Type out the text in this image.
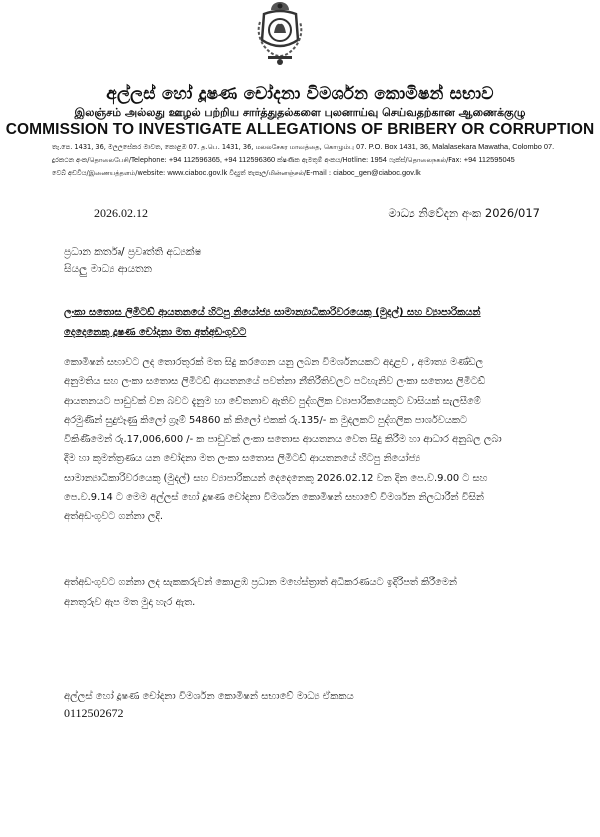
අල්ලස් හෝ දූෂණ චෝදනා විමර්ශන කොමිෂන් සභාව
இலஞ்சம் அல்லது ஊழல் பற்றிய சார்த்துதல்களை புலனாய்வு செய்வதற்கான ஆணைக்குழு
COMMISSION TO INVESTIGATE ALLEGATIONS OF BRIBERY OR CORRUPTION
තැ.පෙ. 1431, 36, මලලසේකර මාවත, කොළඹ 07. த.பெ. 1431, 36, மலலசேகர மாவத்தை, கொழும்பு 07. P.O. Box 1431, 36, Malalasekara Mawatha, Colombo 07.
දුරකථන අංක/தொலைபேசி/Telephone: +94 112596365, +94 112596360 ක්ෂණික ඇමතුම් අංකය/Hotline: 1954 ෆැක්ස්/தொலைநகல்/Fax: +94 112595045
වෙබ් අඩවිය/இணையத்தளம்/website: www.ciaboc.gov.lk විද්‍යුත් තැපෑල/மின்னஞ்சல்/E-mail : ciaboc_gen@ciaboc.gov.lk
2026.02.12	මාධ්‍ය නිවේදන අංක 2026/017
ප්‍රධාන කර්තෘ/ ප්‍රවෘත්ති අධ්‍යක්ෂ
සියලු මාධ්‍ය ආයතන
ලංකා සතොස ලිමිටඩ් ආයතනයේ හිටපු නියෝජ්‍ය සාමාන්‍යාධිකාරිවරයෙකු (මුදල්) සහ ව්‍යාපාරිකයන්
දෙදෙනෙකු දූෂණ චෝදනා මත අත්අඩංගුවට
කොමිෂන් සභාවට ලද තොරතුරක් මත සිදු කරගෙන යනු ලබන විමර්ශනයකට අදාළව , අමාත්‍ය මණ්ඩල
අනුමතිය සහ ලංකා සතොස ලිමිටඩ් ආයතනයේ පවත්නා නීතිරීතිවලට පටහැනිව ලංකා සතොස ලිමිටඩ්
ආයතනයට පාඩුවක් වන බවට දැනුම හා චේතනාව ඇතිව පුද්ගලික ව්‍යාපාරිකයෙකුට වාසියක් සැලසීමේ
අරමුණින් සුදුළූණු කිලෝ ග්‍රෑම් 54860 ක් කිලෝ එකක් රු.135/- ක මුදලකට පුද්ගලික පාර්ශවයකට
විකිණීමෙන් රු.17,006,600 /- ක පාඩුවක් ලංකා සතොස ආයතනය වෙත සිදු කිරීම හා ආධාර අනුබල ලබා
දීම හා කුමන්ත්‍රණය යන චෝදනා මත ලංකා සතොස ලිමිටඩ් ආයතනයේ හිටපු නියෝජ්‍ය
සාමාන්‍යාධිකාරිවරයෙකු (මුදල්) සහ ව්‍යාපාරිකයන් දෙදෙනෙකු 2026.02.12 වන දින පෙ.ව.9.00 ට සහ
පෙ.ව.9.14 ට මෙම අල්ලස් හෝ දූෂණ චෝදනා විමර්ශන කොමිෂන් සභාවේ විමර්ශන නිලධාරීන් විසින්
අත්අඩංගුවට ගන්නා ලදි.
අත්අඩංගුවට ගන්නා ලද සැකකරුවන් කොළඹ ප්‍රධාන මහේස්ත්‍රාත් අධිකරණයට ඉදිරිපත් කිරීමෙන්
අනතුරුව ඇප මත මුදා හැර ඇත.
අල්ලස් හෝ දූෂණ චෝදනා විමර්ශන කොමිෂන් සභාවේ මාධ්‍ය ඒකකය
0112502672
